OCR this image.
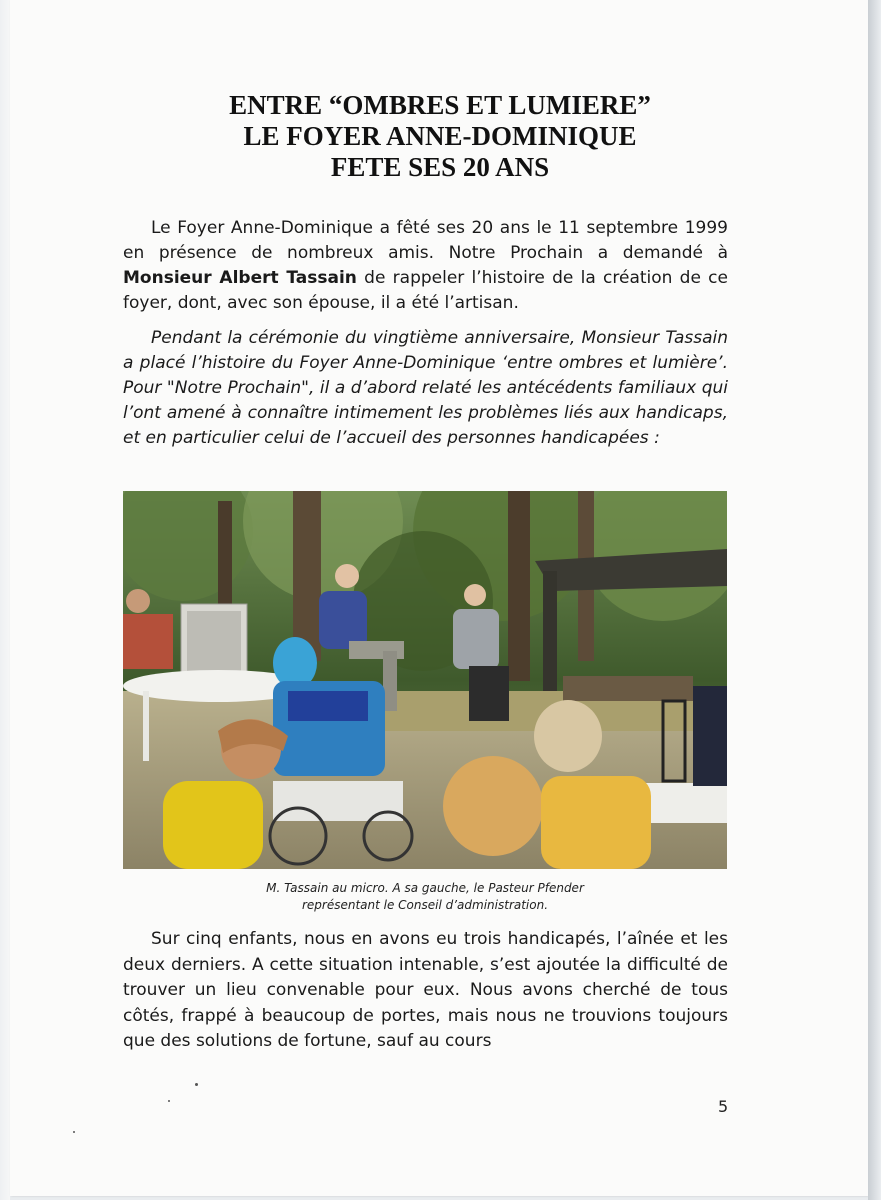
ENTRE “OMBRES ET LUMIERE”
LE FOYER ANNE-DOMINIQUE
FETE SES 20 ANS

Le Foyer Anne-Dominique a fêté ses 20 ans le 11 septembre 1999 en présence de nombreux amis. Notre Prochain a demandé à Monsieur Albert Tassain de rappeler l’histoire de la création de ce foyer, dont, avec son épouse, il a été l’artisan.

Pendant la cérémonie du vingtième anniversaire, Monsieur Tassain a placé l’histoire du Foyer Anne-Dominique ‘entre ombres et lumière’. Pour "Notre Prochain", il a d’abord relaté les antécédents familiaux qui l’ont amené à connaître intimement les problèmes liés aux handicaps, et en particulier celui de l’accueil des personnes handicapées :

M. Tassain au micro. A sa gauche, le Pasteur Pfender
représentant le Conseil d’administration.

Sur cinq enfants, nous en avons eu trois handicapés, l’aînée et les deux derniers. A cette situation intenable, s’est ajoutée la difficulté de trouver un lieu convenable pour eux. Nous avons cherché de tous côtés, frappé à beaucoup de portes, mais nous ne trouvions toujours que des solutions de fortune, sauf au cours

5
